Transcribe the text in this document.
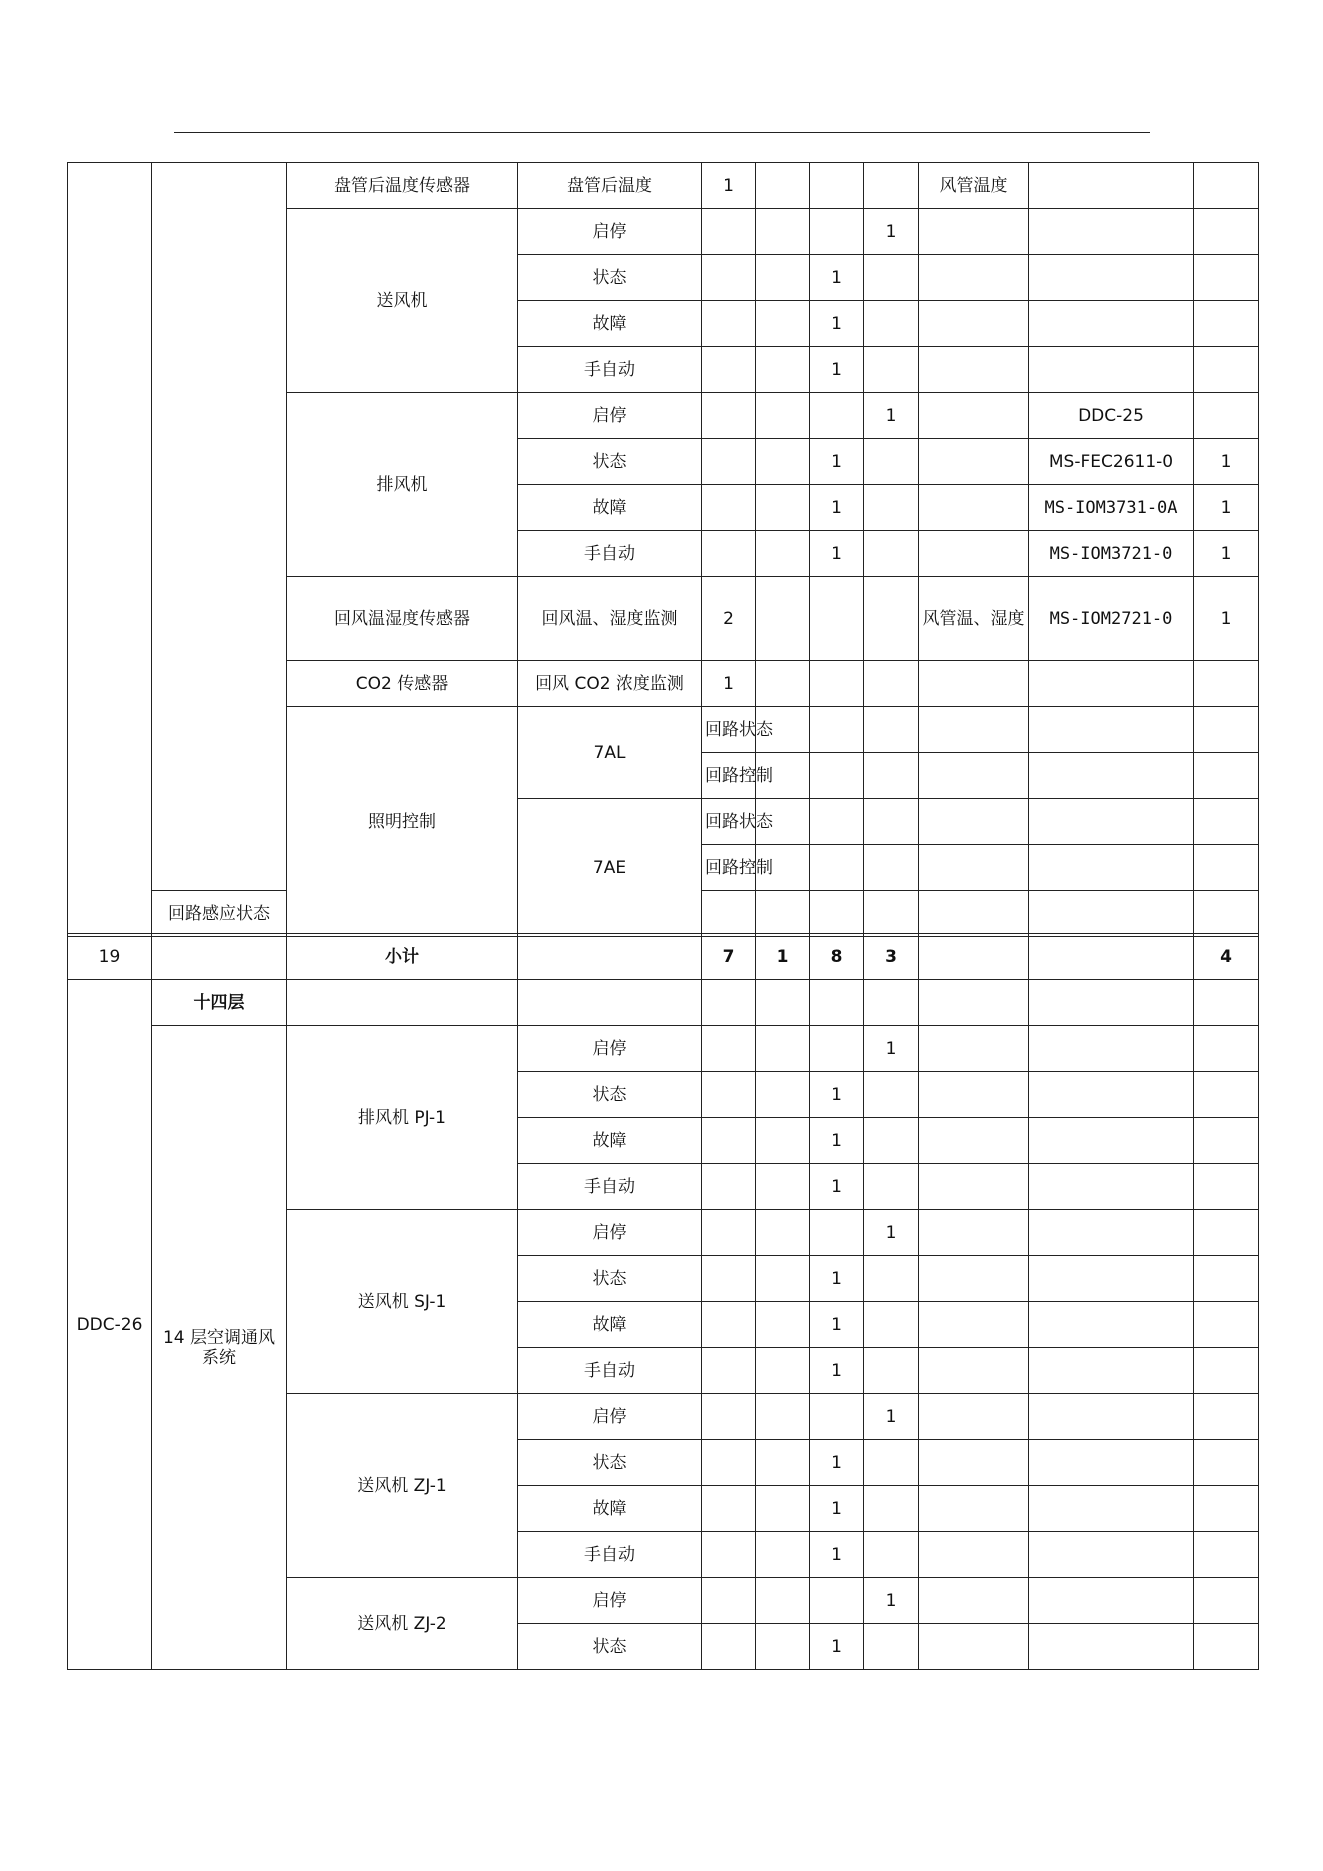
		盘管后温度传感器	盘管后温度	1				风管温度			
		送风机	启停				1				
			状态			1					
			故障			1					
			手自动			1					
		排风机	启停				1		DDC-25		
			状态			1			MS-FEC2611-0	1	
			故障			1			MS-IOM3731-0A	1	
			手自动			1			MS-IOM3721-0	1	
		回风温湿度传感器	回风温、湿度监测	2				风管温、湿度	MS-IOM2721-0	1	
		CO2 传感器	回风 CO2 浓度监测	1							
		照明控制	7AL	回路状态							
				回路控制							
			7AE	回路状态							
				回路控制							
	回路感应状态										
19		小计		7	1	8	3			4
DDC-26	十四层									
	14 层空调通风系统	排风机 PJ-1	启停				1			
			状态			1				
			故障			1				
			手自动			1				
		送风机 SJ-1	启停				1			
			状态			1				
			故障			1				
			手自动			1				
		送风机 ZJ-1	启停				1			
			状态			1				
			故障			1				
			手自动			1				
		送风机 ZJ-2	启停				1			
			状态			1				
